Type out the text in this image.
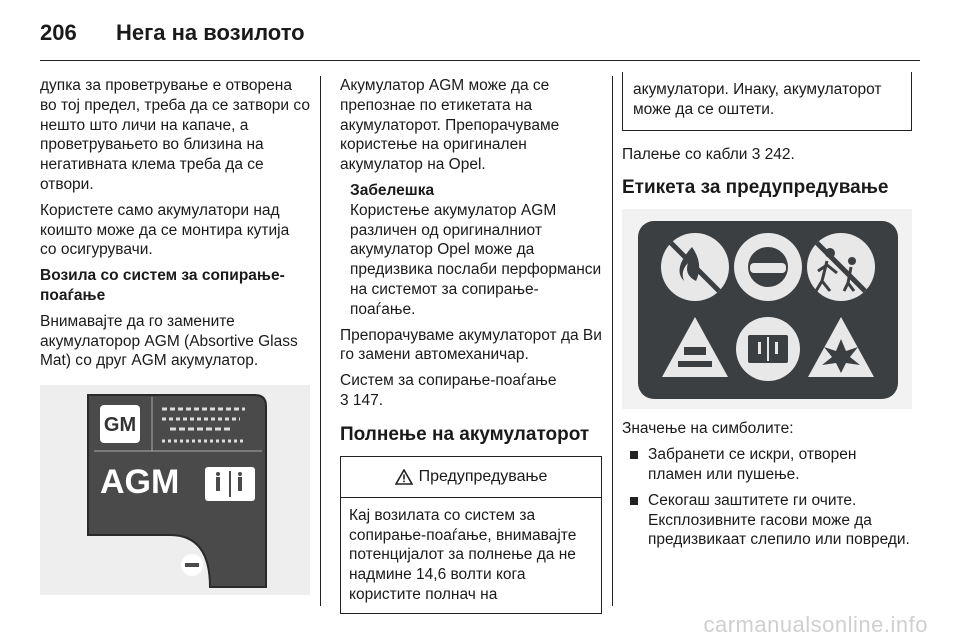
206 Нега на возилото

дупка за проветрување е отворена во тој предел, треба да се затвори со нешто што личи на капаче, а проветрувањето во близина на негативната клема треба да се отвори.

Користете само акумулатори над коишто може да се монтира кутија со осигурувачи.

Возила со систем за сопирање-поаѓање

Внимавајте да го замените акумулаторор AGM (Absortive Glass Mat) со друг AGM акумулатор.

GM
AGM

Акумулатор AGM може да се препознае по етикетата на акумулаторот. Препорачуваме користење на оригинален акумулатор на Opel.

Забелешка
Користење акумулатор AGM различен од оригиналниот акумулатор Opel може да предизвика послаби перформанси на системот за сопирање-поаѓање.

Препорачуваме акумулаторот да Ви го замени автомеханичар.

Систем за сопирање-поаѓање
3 147.

Полнење на акумулаторот
Предупредување
Кај возилата со систем за сопирање-поаѓање, внимавајте потенцијалот за полнење да не надмине 14,6 волти кога користите полнач на
акумулатори. Инаку, акумулаторот може да се оштети.

Палење со кабли 3 242.

Етикета за предупредување

Значење на симболите:

Забранети се искри, отворен пламен или пушење.
Секогаш заштитете ги очите. Експлозивните гасови може да предизвикаат слепило или повреди.
carmanualsonline.info
